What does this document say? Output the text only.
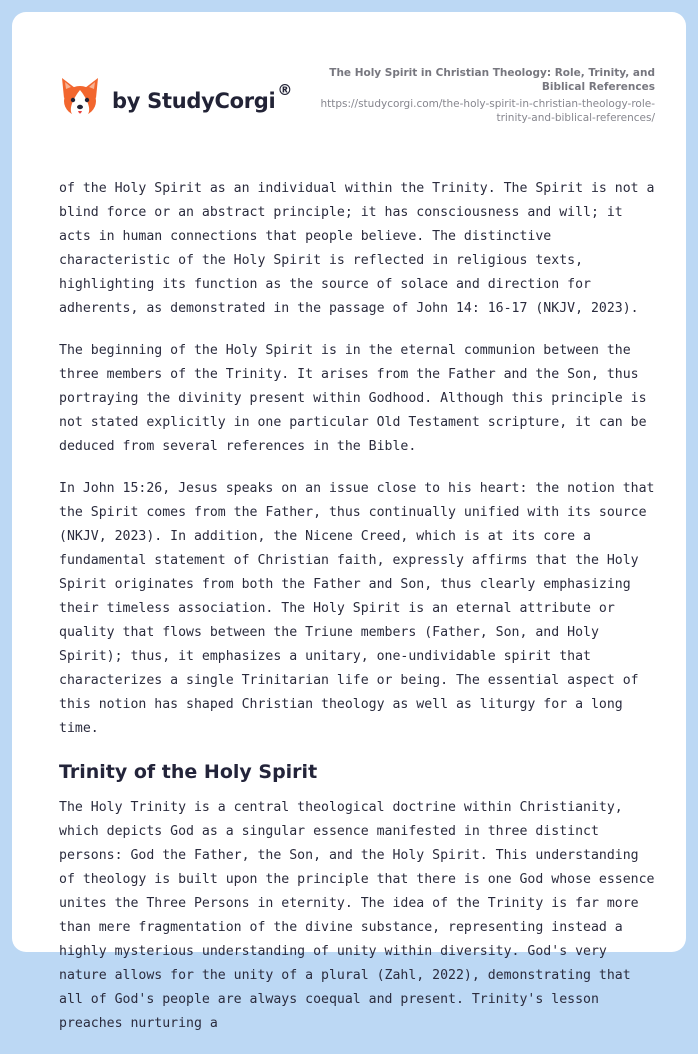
by StudyCorgi ®
The Holy Spirit in Christian Theology: Role, Trinity, and Biblical References
https://studycorgi.com/the-holy-spirit-in-christian-theology-role-trinity-and-biblical-references/

of the Holy Spirit as an individual within the Trinity. The Spirit is not a blind force or an abstract principle; it has consciousness and will; it acts in human connections that people believe. The distinctive characteristic of the Holy Spirit is reflected in religious texts, highlighting its function as the source of solace and direction for adherents, as demonstrated in the passage of John 14: 16-17 (NKJV, 2023).

The beginning of the Holy Spirit is in the eternal communion between the three members of the Trinity. It arises from the Father and the Son, thus portraying the divinity present within Godhood. Although this principle is not stated explicitly in one particular Old Testament scripture, it can be deduced from several references in the Bible.

In John 15:26, Jesus speaks on an issue close to his heart: the notion that the Spirit comes from the Father, thus continually unified with its source (NKJV, 2023). In addition, the Nicene Creed, which is at its core a fundamental statement of Christian faith, expressly affirms that the Holy Spirit originates from both the Father and Son, thus clearly emphasizing their timeless association. The Holy Spirit is an eternal attribute or quality that flows between the Triune members (Father, Son, and Holy Spirit); thus, it emphasizes a unitary, one-undividable spirit that characterizes a single Trinitarian life or being. The essential aspect of this notion has shaped Christian theology as well as liturgy for a long time.

Trinity of the Holy Spirit

The Holy Trinity is a central theological doctrine within Christianity, which depicts God as a singular essence manifested in three distinct persons: God the Father, the Son, and the Holy Spirit. This understanding of theology is built upon the principle that there is one God whose essence unites the Three Persons in eternity. The idea of the Trinity is far more than mere fragmentation of the divine substance, representing instead a highly mysterious understanding of unity within diversity. God's very nature allows for the unity of a plural (Zahl, 2022), demonstrating that all of God's people are always coequal and present. Trinity's lesson preaches nurturing a
